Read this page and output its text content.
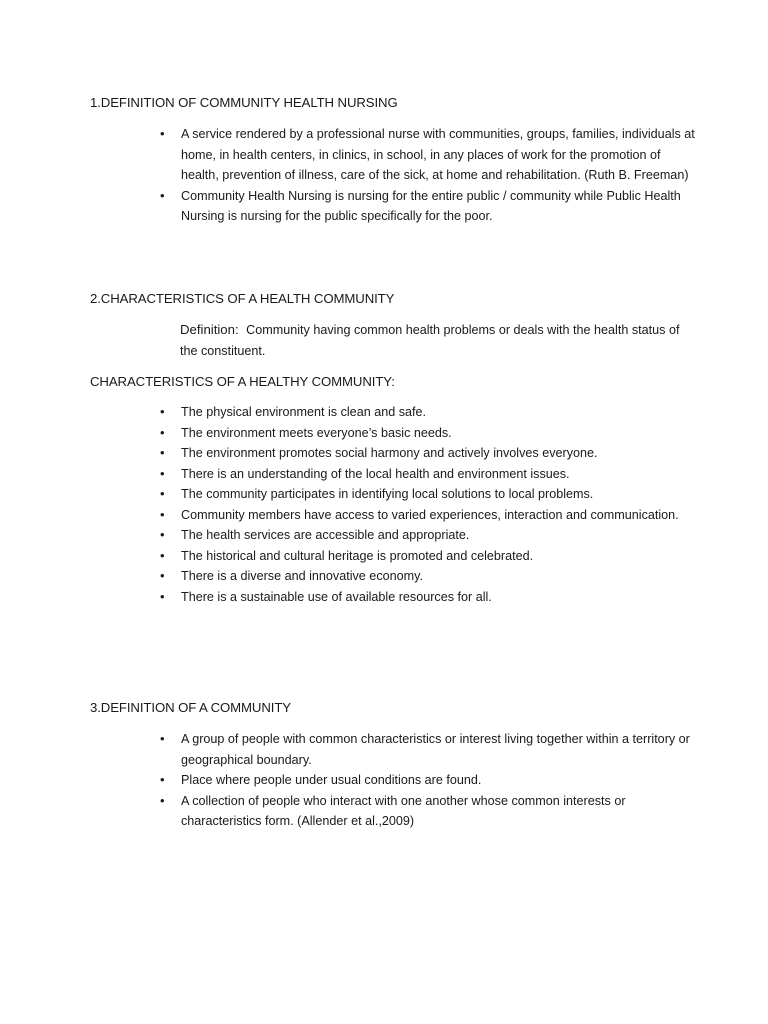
1.DEFINITION OF COMMUNITY HEALTH NURSING
• A service rendered by a professional nurse with communities, groups, families, individuals at home, in health centers, in clinics, in school, in any places of work for the promotion of health, prevention of illness, care of the sick, at home and rehabilitation. (Ruth B. Freeman)
• Community Health Nursing is nursing for the entire public / community while Public Health Nursing is nursing for the public specifically for the poor.
2.CHARACTERISTICS OF A HEALTH COMMUNITY
Definition: Community having common health problems or deals with the health status of the constituent.
CHARACTERISTICS OF A HEALTHY COMMUNITY:
• The physical environment is clean and safe.
• The environment meets everyone’s basic needs.
• The environment promotes social harmony and actively involves everyone.
• There is an understanding of the local health and environment issues.
• The community participates in identifying local solutions to local problems.
• Community members have access to varied experiences, interaction and communication.
• The health services are accessible and appropriate.
• The historical and cultural heritage is promoted and celebrated.
• There is a diverse and innovative economy.
• There is a sustainable use of available resources for all.
3.DEFINITION OF A COMMUNITY
• A group of people with common characteristics or interest living together within a territory or geographical boundary.
• Place where people under usual conditions are found.
• A collection of people who interact with one another whose common interests or characteristics form. (Allender et al.,2009)
